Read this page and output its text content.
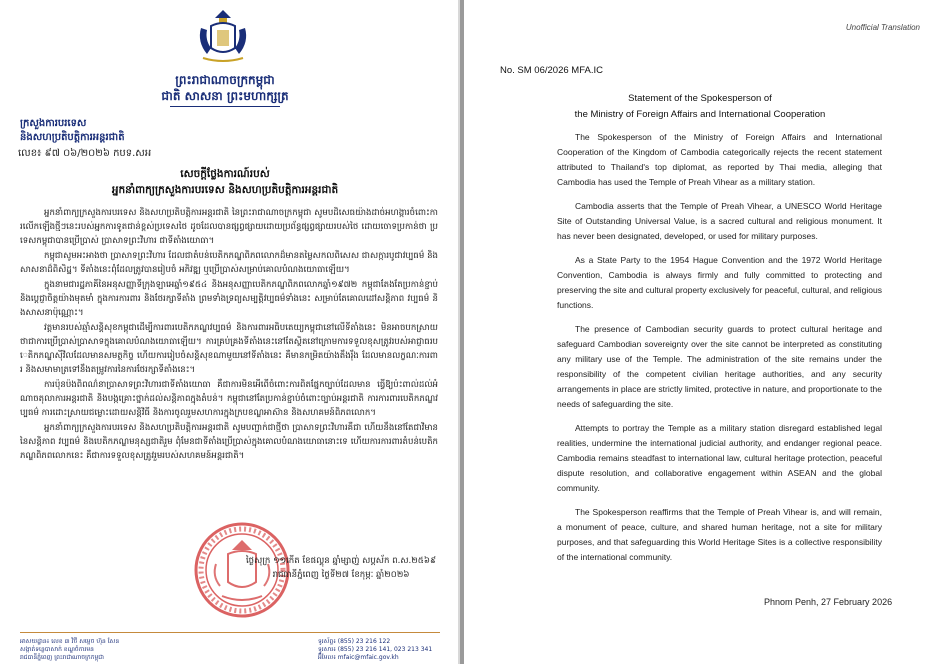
ព្រះរាជាណាចក្រកម្ពុជា
ជាតិ សាសនា ព្រះមហាក្សត្រ
ក្រសួងការបរទេស
និងសហប្រតិបត្តិការអន្តរជាតិ
លេខ៖ ៩៧ ០៦/២០២៦ កបទ.សអ
សេចក្តីថ្លែងការណ៍របស់
អ្នកនាំពាក្យក្រសួងការបរទេស និងសហប្រតិបត្តិការអន្តរជាតិ

អ្នកនាំពាក្យក្រសួងការបរទេស និងសហប្រតិបត្តិការអន្តរជាតិ នៃព្រះរាជាណាចក្រកម្ពុជា សូមបដិសេធយ៉ាងដាច់អហង្ការចំពោះការលើកឡើងថ្មីៗនេះរបស់អ្នកការទូតជាន់ខ្ពស់ប្រទេសថៃ ដូចដែលបានផ្សព្វផ្សាយដោយប្រព័ន្ធផ្សព្វផ្សាយរបស់ថៃ ដោយចោទប្រកាន់ថា ប្រទេសកម្ពុជាបានប្រើប្រាស់ ប្រាសាទព្រះវិហារ ជាទីតាំងយោធា។

កម្ពុជាសូមអះអាងថា ប្រាសាទព្រះវិហារ ដែលជាតំបន់បេតិកភណ្ឌពិភពលោកដ៏មានតម្លៃសកលពិសេស ជាសក្ការបូជាវប្បធម៌ និងសាសនាដ៏ពិសិដ្ឋ។ ទីតាំងនេះពុំដែលត្រូវបានរៀបចំ អភិវឌ្ឍ ឬប្រើប្រាស់សម្រាប់គោលបំណងយោធាឡើយ។

ក្នុងនាមជារដ្ឋភាគីនៃអនុសញ្ញាទីក្រុងឡាអេឆ្នាំ១៩៥៤ និងអនុសញ្ញាបេតិកភណ្ឌពិភពលោកឆ្នាំ១៩៧២ កម្ពុជាតែងតែប្រកាន់ខ្ជាប់ និងប្តេជ្ញាចិត្តយ៉ាងមុតមាំ ក្នុងការការពារ និងថែរក្សាទីតាំង ព្រមទាំងទ្រព្យសម្បត្តិវប្បធម៌ទាំងនេះ សម្រាប់តែគោលដៅសន្តិភាព វប្បធម៌ និងសាសនាប៉ុណ្ណោះ។

វត្តមានរបស់ឆ្មាំសន្តិសុខកម្ពុជាដើម្បីការពារបេតិកភណ្ឌវប្បធម៌ និងការពារអធិបតេយ្យកម្ពុជានៅលើទីតាំងនេះ មិនអាចបកស្រាយថាជាការប្រើប្រាស់ប្រាសាទក្នុងគោលបំណងយោធាឡើយ។ ការគ្រប់គ្រងទីតាំងនេះនៅតែស្ថិតនៅក្រោមការទទួលខុសត្រូវរបស់អាជ្ញាធរបេតិកភណ្ឌស៊ីវិលដែលមានសមត្ថកិច្ច ហើយការរៀបចំសន្តិសុខណាមួយនៅទីតាំងនេះ គឺមានកម្រិតយ៉ាងតឹងរ៉ឹង ដែលមានលក្ខណៈការពារ និងសមាមាត្រទៅនឹងតម្រូវការនៃការថែរក្សាទីតាំងនេះ។

ការប៉ុនប៉ងពិពណ៌នាប្រាសាទព្រះវិហារជាទីតាំងយោធា គឺជាការមិនអើពើចំពោះការពិតផ្នែកច្បាប់ដែលមាន ធ្វើឱ្យប៉ះពាល់ដល់អំណាចតុលាការអន្តរជាតិ និងបង្កគ្រោះថ្នាក់ដល់សន្តិភាពក្នុងតំបន់។ កម្ពុជានៅតែប្រកាន់ខ្ជាប់ចំពោះច្បាប់អន្តរជាតិ ការការពារបេតិកភណ្ឌវប្បធម៌ ការដោះស្រាយជម្លោះដោយសន្តិវិធី និងការចូលរួមសហការក្នុងក្របខណ្ឌអាស៊ាន និងសហគមន៍ពិភពលោក។

អ្នកនាំពាក្យក្រសួងការបរទេស និងសហប្រតិបត្តិការអន្តរជាតិ សូមបញ្ជាក់ជាថ្មីថា ប្រាសាទព្រះវិហារគឺជា ហើយនឹងនៅតែជាវិមាននៃសន្តិភាព វប្បធម៌ និងបេតិកភណ្ឌមនុស្សជាតិរួម ពុំមែនជាទីតាំងប្រើប្រាស់ក្នុងគោលបំណងយោធានោះទេ ហើយការការពារតំបន់បេតិកភណ្ឌពិភពលោកនេះ គឺជាការទទួលខុសត្រូវរួមរបស់សហគមន៍អន្តរជាតិ។

ថ្ងៃសុក្រ ១១កើត ខែផល្គុន ឆ្នាំម្សាញ់ សប្តស័ក ព.ស.២៥៦៩
រាជធានីភ្នំពេញ ថ្ងៃទី២៧ ខែកុម្ភៈ ឆ្នាំ២០២៦
អាសយដ្ឋាន៖ លេខ ៣ វិថី សម្តេច ហ៊ុន សែន
សង្កាត់ទន្លេបាសាក់ ខណ្ឌចំការមន
រាជធានីភ្នំពេញ ព្រះរាជាណាចក្រកម្ពុជា
ទូរស័ព្ទ៖ (855) 23 216 122
ទូរសារ៖ (855) 23 216 141, 023 213 341
អ៊ីមែល៖ mfaic@mfaic.gov.kh
Unofficial Translation
No. SM 06/2026 MFA.IC
Statement of the Spokesperson of
the Ministry of Foreign Affairs and International Cooperation

The Spokesperson of the Ministry of Foreign Affairs and International Cooperation of the Kingdom of Cambodia categorically rejects the recent statement attributed to Thailand's top diplomat, as reported by Thai media, alleging that Cambodia has used the Temple of Preah Vihear as a military station.

Cambodia asserts that the Temple of Preah Vihear, a UNESCO World Heritage Site of Outstanding Universal Value, is a sacred cultural and religious monument. It has never been designated, developed, or used for military purposes.

As a State Party to the 1954 Hague Convention and the 1972 World Heritage Convention, Cambodia is always firmly and fully committed to protecting and preserving the site and cultural property exclusively for peaceful, cultural, and religious functions.

The presence of Cambodian security guards to protect cultural heritage and safeguard Cambodian sovereignty over the site cannot be interpreted as constituting any military use of the Temple. The administration of the site remains under the responsibility of the competent civilian heritage authorities, and any security arrangements in place are strictly limited, protective in nature, and proportionate to the needs of safeguarding the site.

Attempts to portray the Temple as a military station disregard established legal realities, undermine the international judicial authority, and endanger regional peace. Cambodia remains steadfast to international law, cultural heritage protection, peaceful dispute resolution, and collaborative engagement within ASEAN and the global community.

The Spokesperson reaffirms that the Temple of Preah Vihear is, and will remain, a monument of peace, culture, and shared human heritage, not a site for military purposes, and that safeguarding this World Heritage Sites is a collective responsibility of the international community.

Phnom Penh, 27 February 2026
